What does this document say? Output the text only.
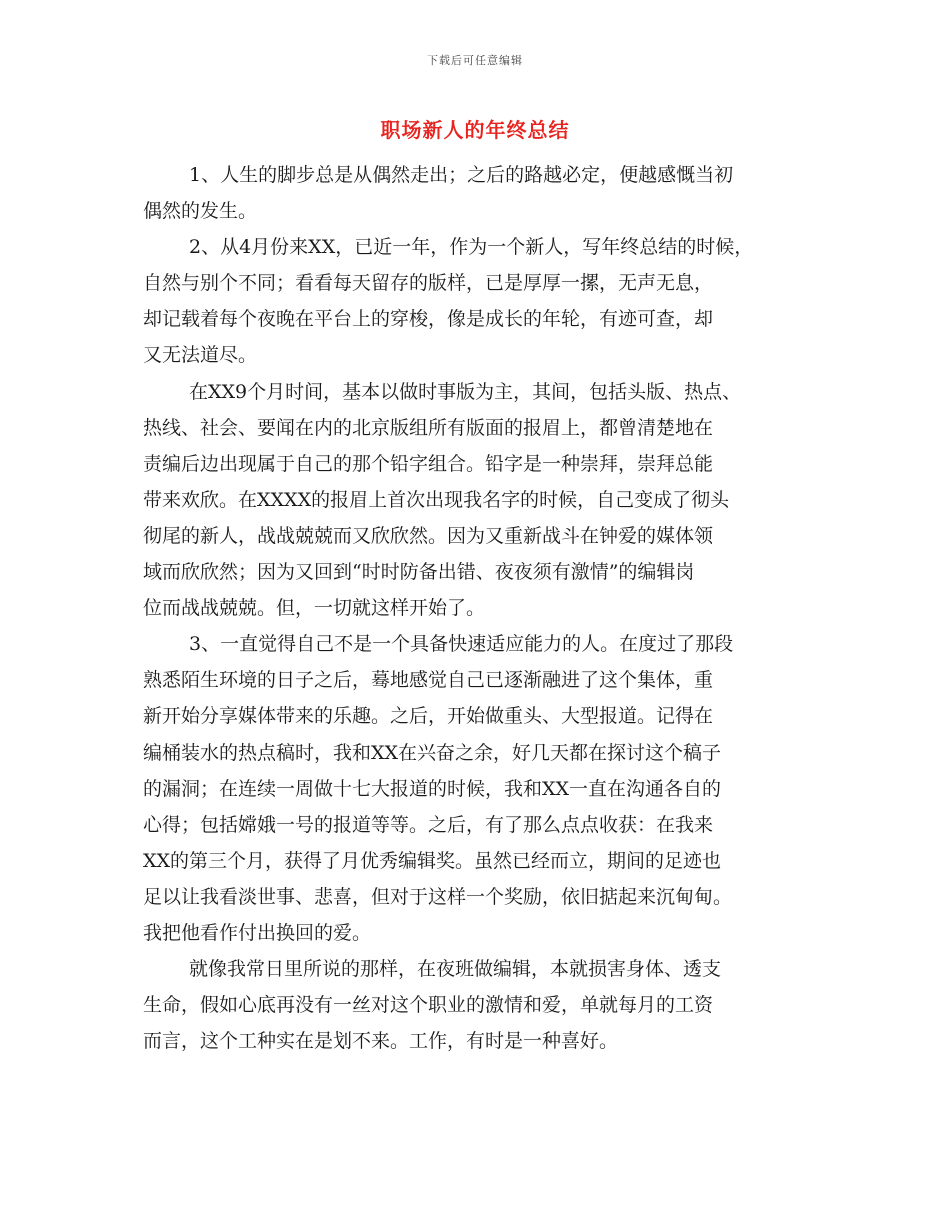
下载后可任意编辑
职场新人的年终总结
1、人生的脚步总是从偶然走出；之后的路越必定，便越感慨当初
偶然的发生。
2、从4月份来XX，已近一年，作为一个新人，写年终总结的时候，
自然与别个不同；看看每天留存的版样，已是厚厚一摞，无声无息，
却记载着每个夜晚在平台上的穿梭，像是成长的年轮，有迹可查，却
又无法道尽。
在XX9个月时间，基本以做时事版为主，其间，包括头版、热点、
热线、社会、要闻在内的北京版组所有版面的报眉上，都曾清楚地在
责编后边出现属于自己的那个铅字组合。铅字是一种崇拜，崇拜总能
带来欢欣。在XXXX的报眉上首次出现我名字的时候，自己变成了彻头
彻尾的新人，战战兢兢而又欣欣然。因为又重新战斗在钟爱的媒体领
域而欣欣然；因为又回到“时时防备出错、夜夜须有激情”的编辑岗
位而战战兢兢。但，一切就这样开始了。
3、一直觉得自己不是一个具备快速适应能力的人。在度过了那段
熟悉陌生环境的日子之后，蓦地感觉自己已逐渐融进了这个集体，重
新开始分享媒体带来的乐趣。之后，开始做重头、大型报道。记得在
编桶装水的热点稿时，我和XX在兴奋之余，好几天都在探讨这个稿子
的漏洞；在连续一周做十七大报道的时候，我和XX一直在沟通各自的
心得；包括嫦娥一号的报道等等。之后，有了那么点点收获：在我来
XX的第三个月，获得了月优秀编辑奖。虽然已经而立，期间的足迹也
足以让我看淡世事、悲喜，但对于这样一个奖励，依旧掂起来沉甸甸。
我把他看作付出换回的爱。
就像我常日里所说的那样，在夜班做编辑，本就损害身体、透支
生命，假如心底再没有一丝对这个职业的激情和爱，单就每月的工资
而言，这个工种实在是划不来。工作，有时是一种喜好。
